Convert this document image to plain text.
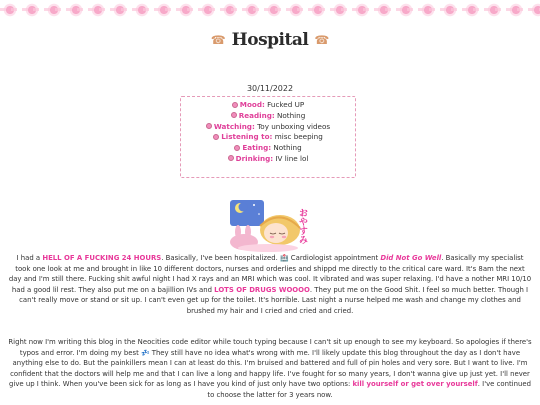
☎ Hospital ☎
30/11/2022
Mood: Fucked UP
Reading: Nothing
Watching: Toy unboxing videos
Listening to: misc beeping
Eating: Nothing
Drinking: IV line lol
おやすみ

I had a HELL OF A FUCKING 24 HOURS. Basically, I've been hospitalized. 🏥 Cardiologist appointment Did Not Go Well. Basically my specialist took one look at me and brought in like 10 different doctors, nurses and orderlies and shippd me directly to the critical care ward. It's 8am the next day and I'm still there. Fucking shit awful night I had X rays and an MRI which was cool. It vibrated and was super relaxing. I'd have a nother MRI 10/10 had a good lil rest. They also put me on a bajillion IVs and LOTS OF DRUGS WOOOO. They put me on the Good Shit. I feel so much better. Though I can't really move or stand or sit up. I can't even get up for the toilet. It's horrible. Last night a nurse helped me wash and change my clothes and brushed my hair and I cried and cried and cried.

Right now I'm writing this blog in the Neocities code editor while touch typing because I can't sit up enough to see my keyboard. So apologies if there's typos and error. I'm doing my best 💤 They still have no idea what's wrong with me. I'll likely update this blog throughout the day as I don't have anything else to do. But the painkillers mean I can at least do this. I'm bruised and battered and full of pin holes and very sore. But I want to live. I'm confident that the doctors will help me and that I can live a long and happy life. I've fought for so many years, I don't wanna give up just yet. I'll never give up I think. When you've been sick for as long as I have you kind of just only have two options: kill yourself or get over yourself. I've continued to choose the latter for 3 years now.
